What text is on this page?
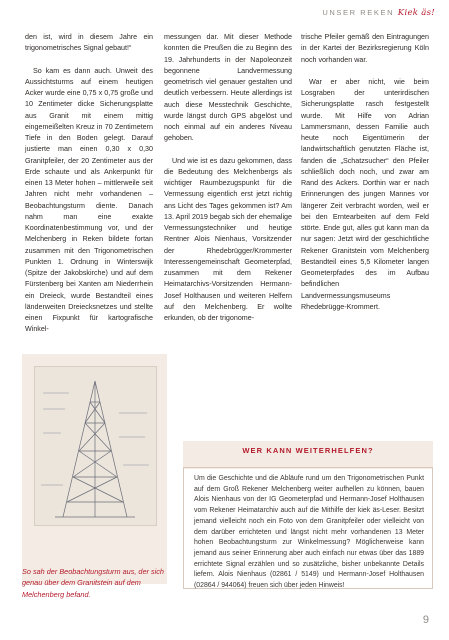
UNSER REKEN Kiek äs!

den ist, wird in diesem Jahre ein trigonometrisches Signal gebaut!“

So kam es dann auch. Unweit des Aussichtsturms auf einem heutigen Acker wurde eine 0,75 x 0,75 große und 10 Zentimeter dicke Sicherungsplatte aus Granit mit einem mittig eingemeißelten Kreuz in 70 Zentimetern Tiefe in den Boden gelegt. Darauf justierte man einen 0,30 x 0,30 Granitpfeiler, der 20 Zentimeter aus der Erde schaute und als Ankerpunkt für einen 13 Meter hohen – mittlerweile seit Jahren nicht mehr vorhandenen – Beobachtungsturm diente. Danach nahm man eine exakte Koordinatenbestimmung vor, und der Melchenberg in Reken bildete fortan zusammen mit den Trigonometrischen Punkten 1. Ordnung in Winterswijk (Spitze der Jakobskirche) und auf dem Fürstenberg bei Xanten am Niederrhein ein Dreieck, wurde Bestandteil eines länderweiten Dreiecksnetzes und stellte einen Fixpunkt für kartografische Winkel-

messungen dar. Mit dieser Methode konnten die Preußen die zu Beginn des 19. Jahrhunderts in der Napoleonzeit begonnene Landvermessung geometrisch viel genauer gestalten und deutlich verbessern. Heute allerdings ist auch diese Messtechnik Geschichte, wurde längst durch GPS abgelöst und noch einmal auf ein anderes Niveau gehoben.

Und wie ist es dazu gekommen, dass die Bedeutung des Melchenbergs als wichtiger Raumbezugspunkt für die Vermessung eigentlich erst jetzt richtig ans Licht des Tages gekommen ist? Am 13. April 2019 begab sich der ehemalige Vermessungstechniker und heutige Rentner Alois Nienhaus, Vorsitzender der Rhedebrügger/Krommerter Interessengemeinschaft Geometerpfad, zusammen mit dem Rekener Heimatarchivs-Vorsitzenden Hermann-Josef Holthausen und weiteren Helfern auf den Melchenberg. Er wollte erkunden, ob der trigonome-

trische Pfeiler gemäß den Eintragungen in der Kartei der Bezirksregierung Köln noch vorhanden war.

War er aber nicht, wie beim Losgraben der unterirdischen Sicherungsplatte rasch festgestellt wurde. Mit Hilfe von Adrian Lammersmann, dessen Familie auch heute noch Eigentümerin der landwirtschaftlich genutzten Fläche ist, fanden die „Schatzsucher“ den Pfeiler schließlich doch noch, und zwar am Rand des Ackers. Dorthin war er nach Erinnerungen des jungen Mannes vor längerer Zeit verbracht worden, weil er bei den Erntearbeiten auf dem Feld störte. Ende gut, alles gut kann man da nur sagen: Jetzt wird der geschichtliche Rekener Granitstein vom Melchenberg Bestandteil eines 5,5 Kilometer langen Geometerpfades des im Aufbau befindlichen Landvermessungsmuseums Rhedebrügge-Krommert.

So sah der Beobachtungsturm aus, der sich genau über dem Granitstein auf dem Melchenberg befand.
WER KANN WEITERHELFEN?
Um die Geschichte und die Abläufe rund um den Trigonometrischen Punkt auf dem Groß Rekener Melchenberg weiter aufhellen zu können, bauen Alois Nienhaus von der IG Geometerpfad und Hermann-Josef Holthausen vom Rekener Heimatarchiv auch auf die Mithilfe der kiek äs-Leser. Besitzt jemand vielleicht noch ein Foto von dem Granitpfeiler oder vielleicht von dem darüber errichteten und längst nicht mehr vorhandenen 13 Meter hohen Beobachtungsturm zur Winkelmessung? Möglicherweise kann jemand aus seiner Erinnerung aber auch einfach nur etwas über das 1889 errichtete Signal erzählen und so zusätzliche, bisher unbekannte Details liefern. Alois Nienhaus (02861 / 5149) und Hermann-Josef Holthausen (02864 / 944064) freuen sich über jeden Hinweis!
9
